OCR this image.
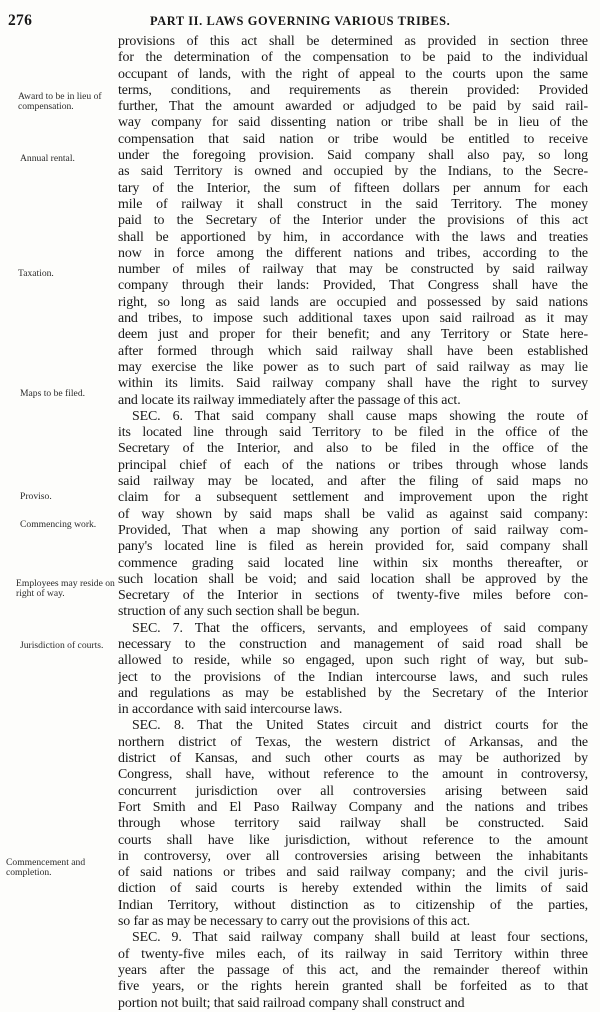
276	PART II. LAWS GOVERNING VARIOUS TRIBES.
Award to be in lieu of compensation.
Annual rental.
Taxation.
Maps to be filed.
Proviso.
Commencing work.
Employees may reside on right of way.
Jurisdiction of courts.
Commencement and completion.
provisions of this act shall be determined as provided in section three
for the determination of the compensation to be paid to the individual
occupant of lands, with the right of appeal to the courts upon the same
terms, conditions, and requirements as therein provided: Provided
further, That the amount awarded or adjudged to be paid by said rail-
way company for said dissenting nation or tribe shall be in lieu of the
compensation that said nation or tribe would be entitled to receive
under the foregoing provision. Said company shall also pay, so long
as said Territory is owned and occupied by the Indians, to the Secre-
tary of the Interior, the sum of fifteen dollars per annum for each
mile of railway it shall construct in the said Territory. The money
paid to the Secretary of the Interior under the provisions of this act
shall be apportioned by him, in accordance with the laws and treaties
now in force among the different nations and tribes, according to the
number of miles of railway that may be constructed by said railway
company through their lands: Provided, That Congress shall have the
right, so long as said lands are occupied and possessed by said nations
and tribes, to impose such additional taxes upon said railroad as it may
deem just and proper for their benefit; and any Territory or State here-
after formed through which said railway shall have been established
may exercise the like power as to such part of said railway as may lie
within its limits. Said railway company shall have the right to survey
and locate its railway immediately after the passage of this act.
SEC. 6. That said company shall cause maps showing the route of
its located line through said Territory to be filed in the office of the
Secretary of the Interior, and also to be filed in the office of the
principal chief of each of the nations or tribes through whose lands
said railway may be located, and after the filing of said maps no
claim for a subsequent settlement and improvement upon the right
of way shown by said maps shall be valid as against said company:
Provided, That when a map showing any portion of said railway com-
pany's located line is filed as herein provided for, said company shall
commence grading said located line within six months thereafter, or
such location shall be void; and said location shall be approved by the
Secretary of the Interior in sections of twenty-five miles before con-
struction of any such section shall be begun.
SEC. 7. That the officers, servants, and employees of said company
necessary to the construction and management of said road shall be
allowed to reside, while so engaged, upon such right of way, but sub-
ject to the provisions of the Indian intercourse laws, and such rules
and regulations as may be established by the Secretary of the Interior
in accordance with said intercourse laws.
SEC. 8. That the United States circuit and district courts for the
northern district of Texas, the western district of Arkansas, and the
district of Kansas, and such other courts as may be authorized by
Congress, shall have, without reference to the amount in controversy,
concurrent jurisdiction over all controversies arising between said
Fort Smith and El Paso Railway Company and the nations and tribes
through whose territory said railway shall be constructed. Said
courts shall have like jurisdiction, without reference to the amount
in controversy, over all controversies arising between the inhabitants
of said nations or tribes and said railway company; and the civil juris-
diction of said courts is hereby extended within the limits of said
Indian Territory, without distinction as to citizenship of the parties,
so far as may be necessary to carry out the provisions of this act.
SEC. 9. That said railway company shall build at least four sections,
of twenty-five miles each, of its railway in said Territory within three
years after the passage of this act, and the remainder thereof within
five years, or the rights herein granted shall be forfeited as to that
portion not built; that said railroad company shall construct and
